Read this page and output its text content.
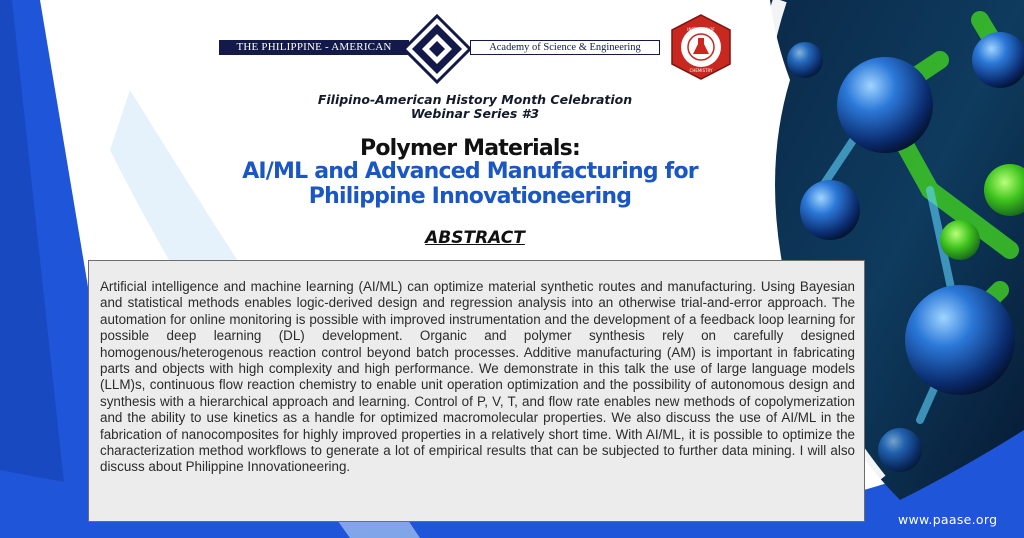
THE PHILIPPINE - AMERICAN	Academy of Science & Engineering
INSTITUTE OF
CHEMISTRY
Filipino-American History Month Celebration
Webinar Series #3
Polymer Materials:
AI/ML and Advanced Manufacturing for
Philippine Innovationeering
ABSTRACT

Artificial intelligence and machine learning (AI/ML) can optimize material synthetic routes and manufacturing. Using Bayesian and statistical methods enables logic-derived design and regression analysis into an otherwise trial-and-error approach. The automation for online monitoring is possible with improved instrumentation and the development of a feedback loop learning for possible deep learning (DL) development. Organic and polymer synthesis rely on carefully designed homogenous/heterogenous reaction control beyond batch processes. Additive manufacturing (AM) is important in fabricating parts and objects with high complexity and high performance. We demonstrate in this talk the use of large language models (LLM)s, continuous flow reaction chemistry to enable unit operation optimization and the possibility of autonomous design and synthesis with a hierarchical approach and learning. Control of P, V, T, and flow rate enables new methods of copolymerization and the ability to use kinetics as a handle for optimized macromolecular properties. We also discuss the use of AI/ML in the fabrication of nanocomposites for highly improved properties in a relatively short time. With AI/ML, it is possible to optimize the characterization method workflows to generate a lot of empirical results that can be subjected to further data mining. I will also discuss about Philippine Innovationeering.

www.paase.org
